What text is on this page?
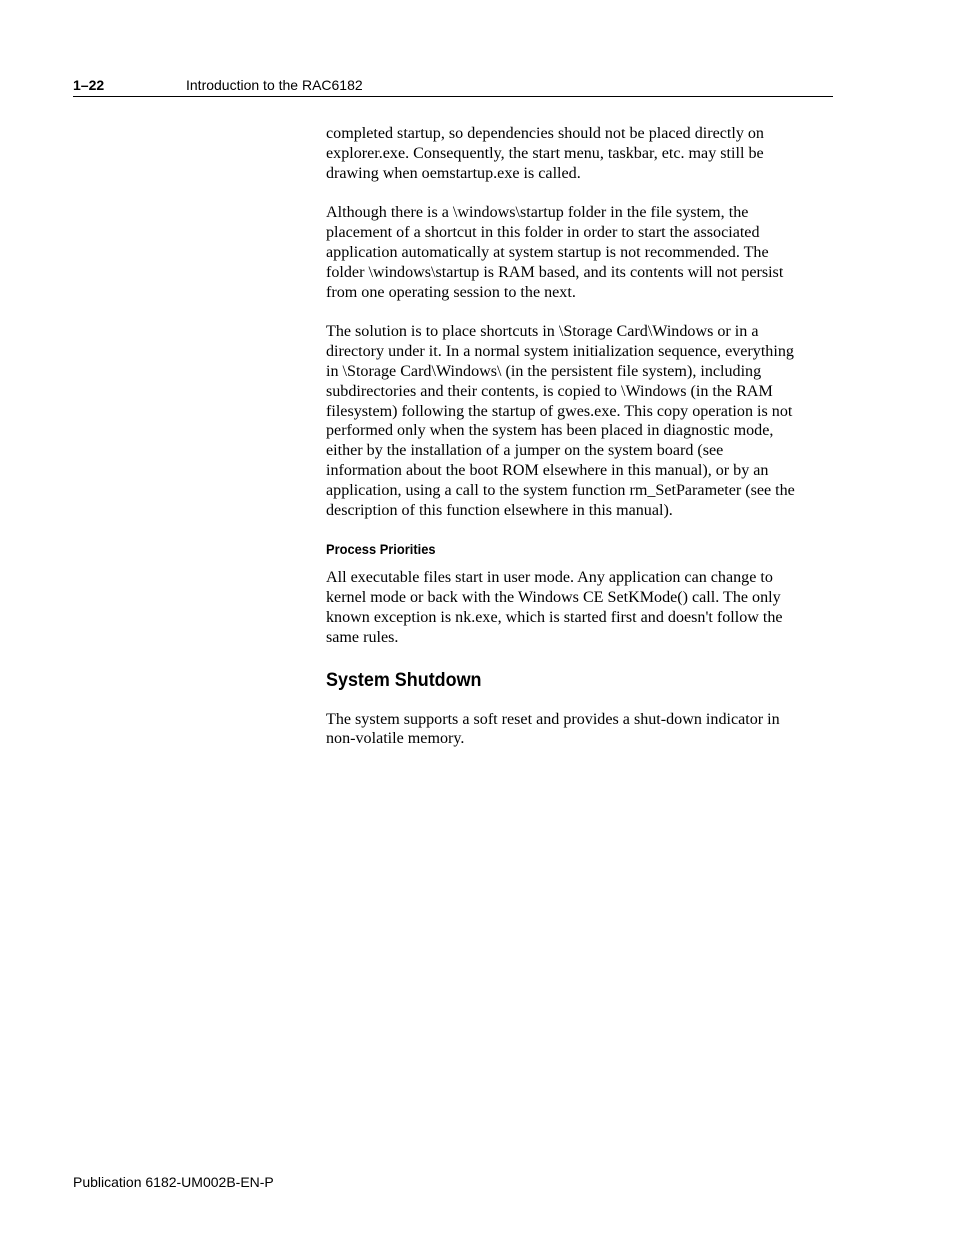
1–22	Introduction to the RAC6182

completed startup, so dependencies should not be placed directly on
explorer.exe. Consequently, the start menu, taskbar, etc. may still be
drawing when oemstartup.exe is called.

Although there is a \windows\startup folder in the file system, the
placement of a shortcut in this folder in order to start the associated
application automatically at system startup is not recommended. The
folder \windows\startup is RAM based, and its contents will not persist
from one operating session to the next.

The solution is to place shortcuts in \Storage Card\Windows or in a
directory under it. In a normal system initialization sequence, everything
in \Storage Card\Windows\ (in the persistent file system), including
subdirectories and their contents, is copied to \Windows (in the RAM
filesystem) following the startup of gwes.exe. This copy operation is not
performed only when the system has been placed in diagnostic mode,
either by the installation of a jumper on the system board (see
information about the boot ROM elsewhere in this manual), or by an
application, using a call to the system function rm_SetParameter (see the
description of this function elsewhere in this manual).

Process Priorities

All executable files start in user mode. Any application can change to
kernel mode or back with the Windows CE SetKMode() call. The only
known exception is nk.exe, which is started first and doesn't follow the
same rules.

System Shutdown

The system supports a soft reset and provides a shut-down indicator in
non-volatile memory.

Publication 6182-UM002B-EN-P
